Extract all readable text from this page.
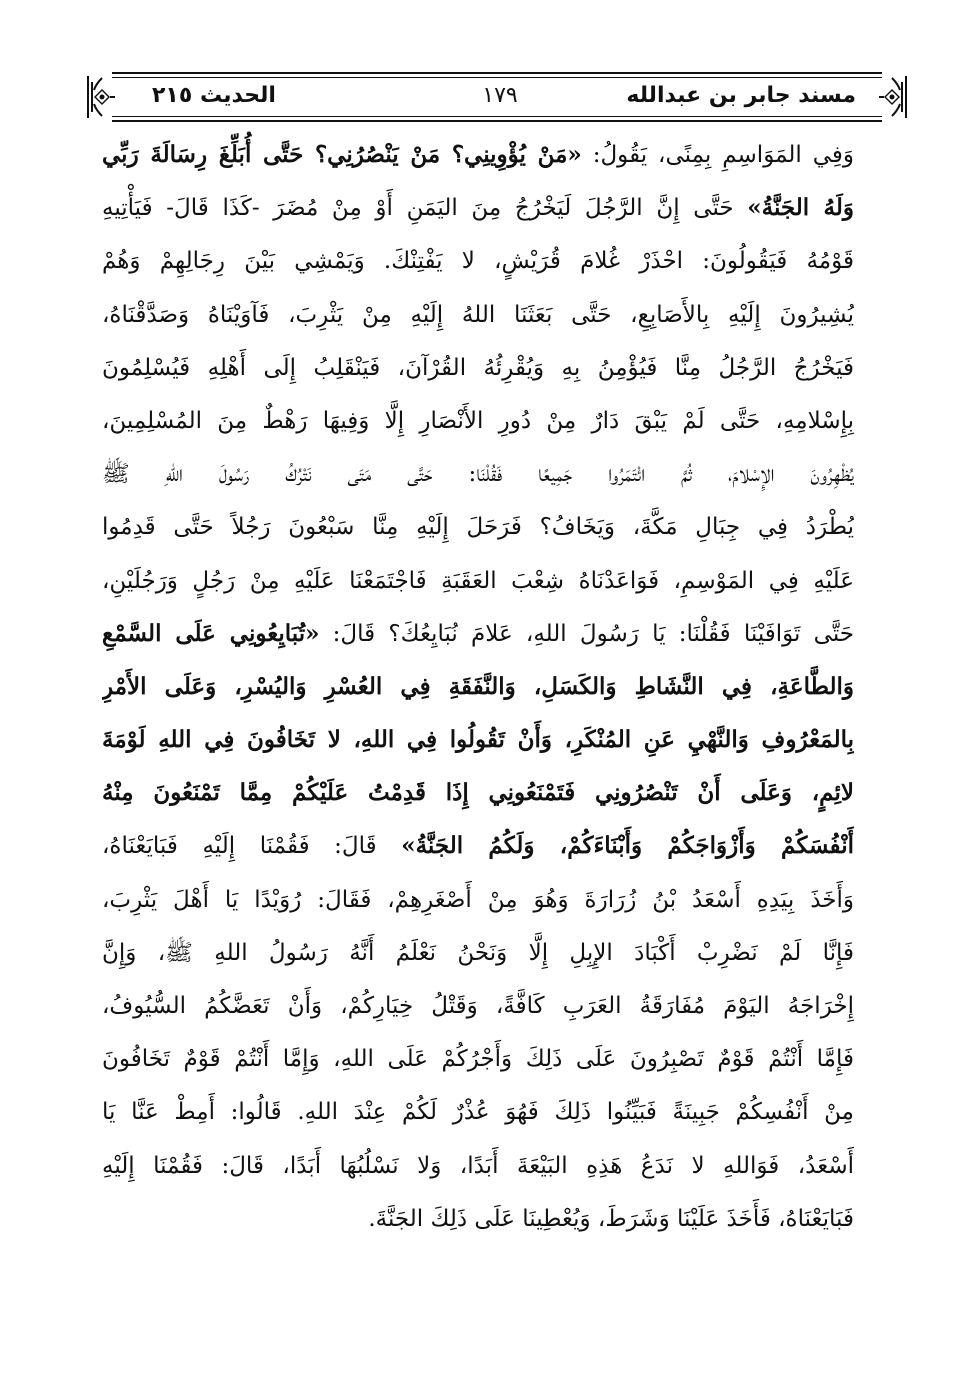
مسند جابر بن عبدالله
١٧٩
الحديث ٢١٥
وَفِي المَوَاسِمِ بِمِنًى، يَقُولُ: «مَنْ يُؤْوِينِي؟ مَنْ يَنْصُرُنِي؟ حَتَّى أُبَلِّغَ رِسَالَةَ رَبِّي
وَلَهُ الجَنَّةُ» حَتَّى إِنَّ الرَّجُلَ لَيَخْرُجُ مِنَ اليَمَنِ أَوْ مِنْ مُضَرَ -كَذَا قَالَ- فَيَأْتِيهِ
قَوْمُهُ فَيَقُولُونَ: احْذَرْ غُلامَ قُرَيْشٍ، لا يَفْتِنْكَ. وَيَمْشِي بَيْنَ رِجَالِهِمْ وَهُمْ
يُشِيرُونَ إِلَيْهِ بِالأَصَابِعِ، حَتَّى بَعَثَنَا اللهُ إِلَيْهِ مِنْ يَثْرِبَ، فَآوَيْنَاهُ وَصَدَّقْنَاهُ،
فَيَخْرُجُ الرَّجُلُ مِنَّا فَيُؤْمِنُ بِهِ وَيُقْرِئُهُ القُرْآنَ، فَيَنْقَلِبُ إِلَى أَهْلِهِ فَيُسْلِمُونَ
بِإِسْلامِهِ، حَتَّى لَمْ يَبْقَ دَارٌ مِنْ دُورِ الأَنْصَارِ إِلَّا وَفِيهَا رَهْطٌ مِنَ المُسْلِمِينَ،
يُظْهِرُونَ الإِسْلامَ، ثُمَّ ائْتَمَرُوا جَمِيعًا فَقُلْنَا: حَتَّى مَتَى نَتْرُكُ رَسُولَ اللهِ ﷺ
يُطْرَدُ فِي جِبَالِ مَكَّةَ، وَيَخَافُ؟ فَرَحَلَ إِلَيْهِ مِنَّا سَبْعُونَ رَجُلاً حَتَّى قَدِمُوا
عَلَيْهِ فِي المَوْسِمِ، فَوَاعَدْنَاهُ شِعْبَ العَقَبَةِ فَاجْتَمَعْنَا عَلَيْهِ مِنْ رَجُلٍ وَرَجُلَيْنِ،
حَتَّى تَوَافَيْنَا فَقُلْنَا: يَا رَسُولَ اللهِ، عَلامَ نُبَايِعُكَ؟ قَالَ: «تُبَايِعُونِي عَلَى السَّمْعِ
وَالطَّاعَةِ، فِي النَّشَاطِ وَالكَسَلِ، وَالنَّفَقَةِ فِي العُسْرِ وَاليُسْرِ، وَعَلَى الأَمْرِ
بِالمَعْرُوفِ وَالنَّهْيِ عَنِ المُنْكَرِ، وَأَنْ تَقُولُوا فِي اللهِ، لا تَخَافُونَ فِي اللهِ لَوْمَةَ
لائِمٍ، وَعَلَى أَنْ تَنْصُرُونِي فَتَمْنَعُونِي إِذَا قَدِمْتُ عَلَيْكُمْ مِمَّا تَمْنَعُونَ مِنْهُ
أَنْفُسَكُمْ وَأَزْوَاجَكُمْ وَأَبْنَاءَكُمْ، وَلَكُمُ الجَنَّةُ» قَالَ: فَقُمْنَا إِلَيْهِ فَبَايَعْنَاهُ،
وَأَخَذَ بِيَدِهِ أَسْعَدُ بْنُ زُرَارَةَ وَهُوَ مِنْ أَصْغَرِهِمْ، فَقَالَ: رُوَيْدًا يَا أَهْلَ يَثْرِبَ،
فَإِنَّا لَمْ نَضْرِبْ أَكْبَادَ الإِبِلِ إِلَّا وَنَحْنُ نَعْلَمُ أَنَّهُ رَسُولُ اللهِ ﷺ، وَإِنَّ
إِخْرَاجَهُ اليَوْمَ مُفَارَقَةُ العَرَبِ كَافَّةً، وَقَتْلُ خِيَارِكُمْ، وَأَنْ تَعَضَّكُمُ السُّيُوفُ،
فَإِمَّا أَنْتُمْ قَوْمٌ تَصْبِرُونَ عَلَى ذَلِكَ وَأَجْرُكُمْ عَلَى اللهِ، وَإِمَّا أَنْتُمْ قَوْمٌ تَخَافُونَ
مِنْ أَنْفُسِكُمْ جَبِينَةً فَبَيِّنُوا ذَلِكَ فَهُوَ عُذْرٌ لَكُمْ عِنْدَ اللهِ. قَالُوا: أَمِطْ عَنَّا يَا
أَسْعَدُ، فَوَاللهِ لا نَدَعُ هَذِهِ البَيْعَةَ أَبَدًا، وَلا نَسْلُبُهَا أَبَدًا، قَالَ: فَقُمْنَا إِلَيْهِ
فَبَايَعْنَاهُ، فَأَخَذَ عَلَيْنَا وَشَرَطَ، وَيُعْطِينَا عَلَى ذَلِكَ الجَنَّةَ.
